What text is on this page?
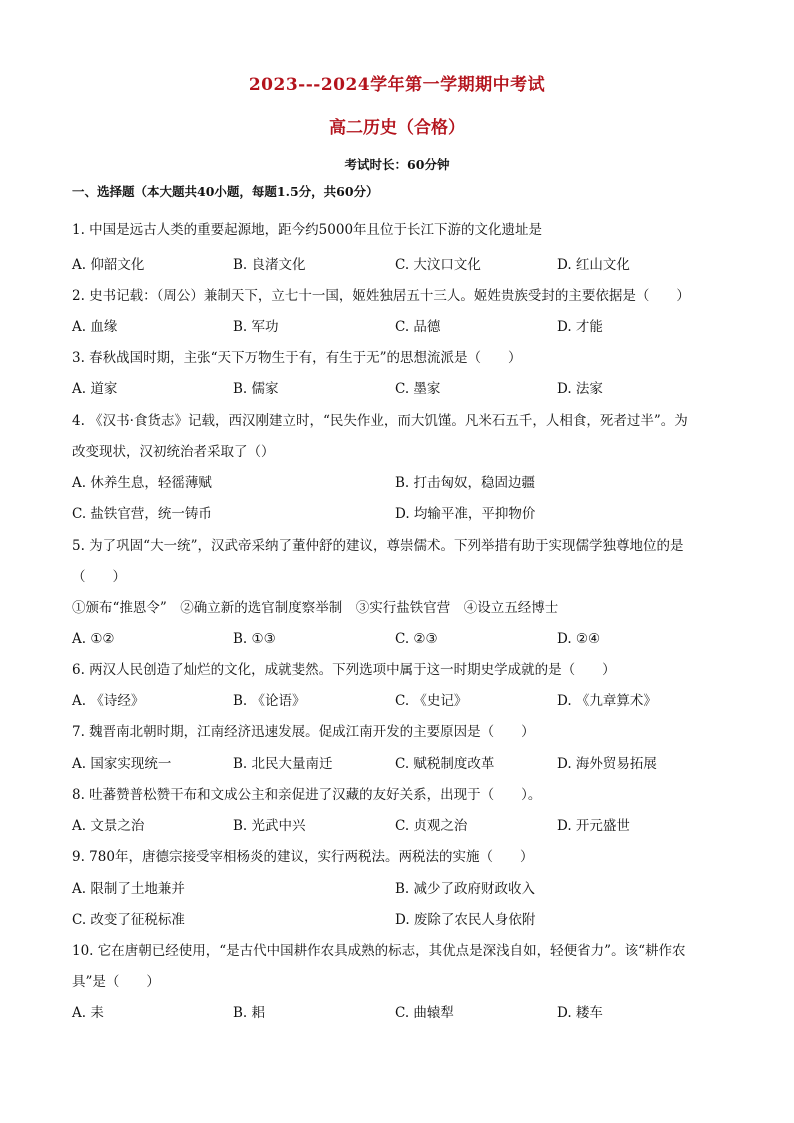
2023---2024学年第一学期期中考试
高二历史（合格）
考试时长：60分钟
一、选择题（本大题共40小题，每题1.5分，共60分）
1. 中国是远古人类的重要起源地，距今约5000年且位于长江下游的文化遗址是
A. 仰韶文化	B. 良渚文化	C. 大汶口文化	D. 红山文化
2. 史书记载：（周公）兼制天下，立七十一国，姬姓独居五十三人。姬姓贵族受封的主要依据是（　　）
A. 血缘	B. 军功	C. 品德	D. 才能
3. 春秋战国时期，主张“天下万物生于有，有生于无”的思想流派是（　　）
A. 道家	B. 儒家	C. 墨家	D. 法家
4. 《汉书·食货志》记载，西汉刚建立时，“民失作业，而大饥馑。凡米石五千，人相食，死者过半”。为
改变现状，汉初统治者采取了（）
A. 休养生息，轻徭薄赋	B. 打击匈奴，稳固边疆
C. 盐铁官营，统一铸币	D. 均输平准，平抑物价
5. 为了巩固“大一统”，汉武帝采纳了董仲舒的建议，尊崇儒术。下列举措有助于实现儒学独尊地位的是
（　　）
①颁布“推恩令”　②确立新的选官制度察举制　③实行盐铁官营　④设立五经博士
A. ①②	B. ①③	C. ②③	D. ②④
6. 两汉人民创造了灿烂的文化，成就斐然。下列选项中属于这一时期史学成就的是（　　）
A. 《诗经》	B. 《论语》	C. 《史记》	D. 《九章算术》
7. 魏晋南北朝时期，江南经济迅速发展。促成江南开发的主要原因是（　　）
A. 国家实现统一	B. 北民大量南迁	C. 赋税制度改革	D. 海外贸易拓展
8. 吐蕃赞普松赞干布和文成公主和亲促进了汉藏的友好关系，出现于（　　）。
A. 文景之治	B. 光武中兴	C. 贞观之治	D. 开元盛世
9. 780年，唐德宗接受宰相杨炎的建议，实行两税法。两税法的实施（　　）
A. 限制了土地兼并	B. 减少了政府财政收入
C. 改变了征税标准	D. 废除了农民人身依附
10. 它在唐朝已经使用，“是古代中国耕作农具成熟的标志，其优点是深浅自如，轻便省力”。该“耕作农
具”是（　　）
A. 耒	B. 耜	C. 曲辕犁	D. 耧车
